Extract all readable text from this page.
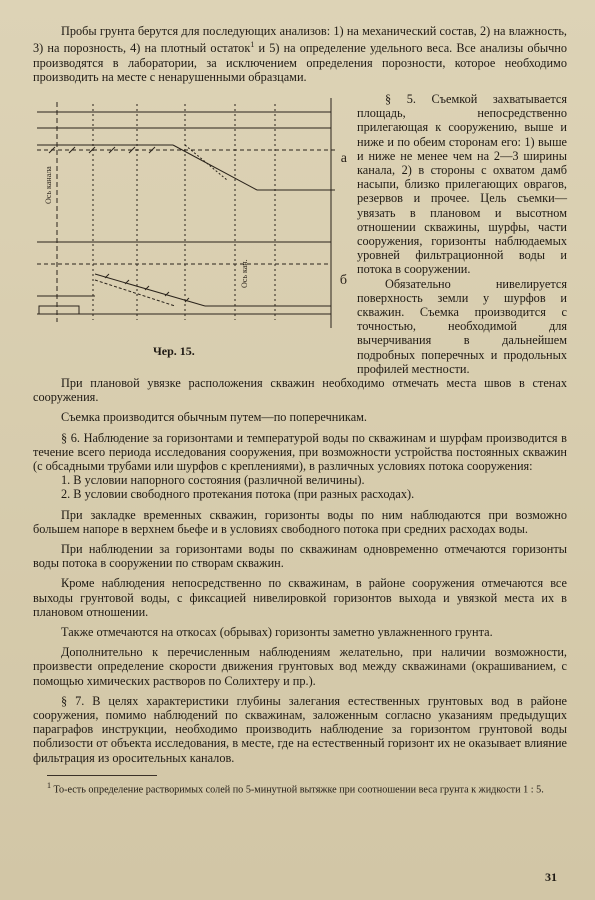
Пробы грунта берутся для последующих анализов: 1) на механический состав, 2) на влажность, 3) на порозность, 4) на плотный остаток$^1$ и 5) на определение удельного веса. Все анализы обычно производятся в лаборатории, за исключением определения порозности, которое необходимо производить на месте с ненарушенными образцами.

a
б
Ось канала
Ось кан.
Чер. 15.

§ 5. Съемкой захватывается площадь, непосредственно прилегающая к сооружению, выше и ниже и по обеим сторонам его: 1) выше и ниже не менее чем на 2—3 ширины канала, 2) в стороны с охватом дамб насыпи, близко прилегающих оврагов, резервов и прочее. Цель съемки—увязать в плановом и высотном отношении скважины, шурфы, части сооружения, горизонты наблюдаемых уровней фильтрационной воды и потока в сооружении.

Обязательно нивелируется поверхность земли у шурфов и скважин. Съемка производится с точностью, необходимой для вычерчивания в дальнейшем подробных поперечных и продольных профилей местности.

При плановой увязке расположения скважин необходимо отмечать места швов в стенах сооружения.

Съемка производится обычным путем—по поперечникам.

§ 6. Наблюдение за горизонтами и температурой воды по скважинам и шурфам производится в течение всего периода исследования сооружения, при возможности устройства постоянных скважин (с обсадными трубами или шурфов с креплениями), в различных условиях потока сооружения:

1. В условии напорного состояния (различной величины).

2. В условии свободного протекания потока (при разных расходах).

При закладке временных скважин, горизонты воды по ним наблюдаются при возможно большем напоре в верхнем бьефе и в условиях свободного потока при средних расходах воды.

При наблюдении за горизонтами воды по скважинам одновременно отмечаются горизонты воды потока в сооружении по створам скважин.

Кроме наблюдения непосредственно по скважинам, в районе сооружения отмечаются все выходы грунтовой воды, с фиксацией нивелировкой горизонтов выхода и увязкой места их в плановом отношении.

Также отмечаются на откосах (обрывах) горизонты заметно увлажненного грунта.

Дополнительно к перечисленным наблюдениям желательно, при наличии возможности, произвести определение скорости движения грунтовых вод между скважинами (окрашиванием, с помощью химических растворов по Солихтеру и пр.).

§ 7. В целях характеристики глубины залегания естественных грунтовых вод в районе сооружения, помимо наблюдений по скважинам, заложенным согласно указаниям предыдущих параграфов инструкции, необходимо производить наблюдение за горизонтом грунтовой воды поблизости от объекта исследования, в месте, где на естественный горизонт их не оказывает влияние фильтрация из оросительных каналов.

$^1$ То-есть определение растворимых солей по 5-минутной вытяжке при соотношении веса грунта к жидкости 1 : 5.

31
